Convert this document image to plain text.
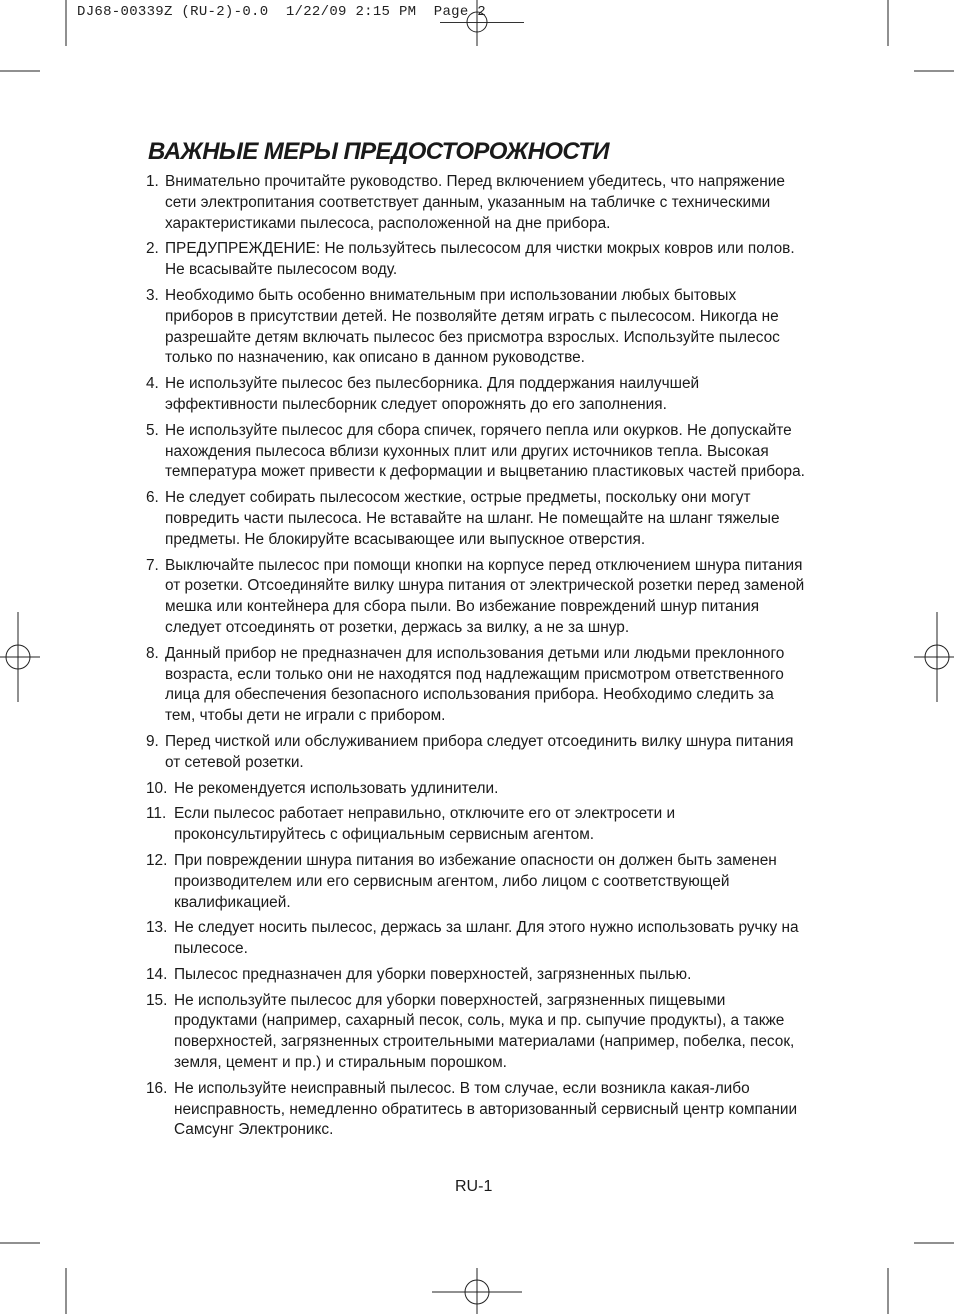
DJ68-00339Z (RU-2)-0.0  1/22/09 2:15 PM  Page 2
ВАЖНЫЕ МЕРЫ ПРЕДОСТОРОЖНОСТИ
1. Внимательно прочитайте руководство. Перед включением убедитесь, что напряжение сети электропитания соответствует данным, указанным на табличке с техническими характеристиками пылесоса, расположенной на дне прибора.
2. ПРЕДУПРЕЖДЕНИЕ: Не пользуйтесь пылесосом для чистки мокрых ковров или полов. Не всасывайте пылесосом воду.
3. Необходимо быть особенно внимательным при использовании любых бытовых приборов в присутствии детей. Не позволяйте детям играть с пылесосом. Никогда не разрешайте детям включать пылесос без присмотра взрослых. Используйте пылесос только по назначению, как описано в данном руководстве.
4. Не используйте пылесос без пылесборника. Для поддержания наилучшей эффективности пылесборник следует опорожнять до его заполнения.
5. Не используйте пылесос для сбора спичек, горячего пепла или окурков. Не допускайте нахождения пылесоса вблизи кухонных плит или других источников тепла. Высокая температура может привести к деформации и выцветанию пластиковых частей прибора.
6. Не следует собирать пылесосом жесткие, острые предметы, поскольку они могут повредить части пылесоса. Не вставайте на шланг. Не помещайте на шланг тяжелые предметы. Не блокируйте всасывающее или выпускное отверстия.
7. Выключайте пылесос при помощи кнопки на корпусе перед отключением шнура питания от розетки. Отсоединяйте вилку шнура питания от электрической розетки перед заменой мешка или контейнера для сбора пыли. Во избежание повреждений шнур питания следует отсоединять от розетки, держась за вилку, а не за шнур.
8. Данный прибор не предназначен для использования детьми или людьми преклонного возраста, если только они не находятся под надлежащим присмотром ответственного лица для обеспечения безопасного использования прибора. Необходимо следить за тем, чтобы дети не играли с прибором.
9. Перед чисткой или обслуживанием прибора следует отсоединить вилку шнура питания от сетевой розетки.
10. Не рекомендуется использовать удлинители.
11. Если пылесос работает неправильно, отключите его от электросети и проконсультируйтесь с официальным сервисным агентом.
12. При повреждении шнура питания во избежание опасности он должен быть заменен производителем или его сервисным агентом, либо лицом с соответствующей квалификацией.
13. Не следует носить пылесос, держась за шланг. Для этого нужно использовать ручку на пылесосе.
14. Пылесос предназначен для уборки поверхностей, загрязненных пылью.
15. Не используйте пылесос для уборки поверхностей, загрязненных пищевыми продуктами (например, сахарный песок, соль, мука и пр. сыпучие продукты), а также поверхностей, загрязненных строительными материалами (например, побелка, песок, земля, цемент и пр.) и стиральным порошком.
16. Не используйте неисправный пылесос. В том случае, если возникла какая-либо неисправность, немедленно обратитесь в авторизованный сервисный центр компании Самсунг Электроникс.
RU-1
